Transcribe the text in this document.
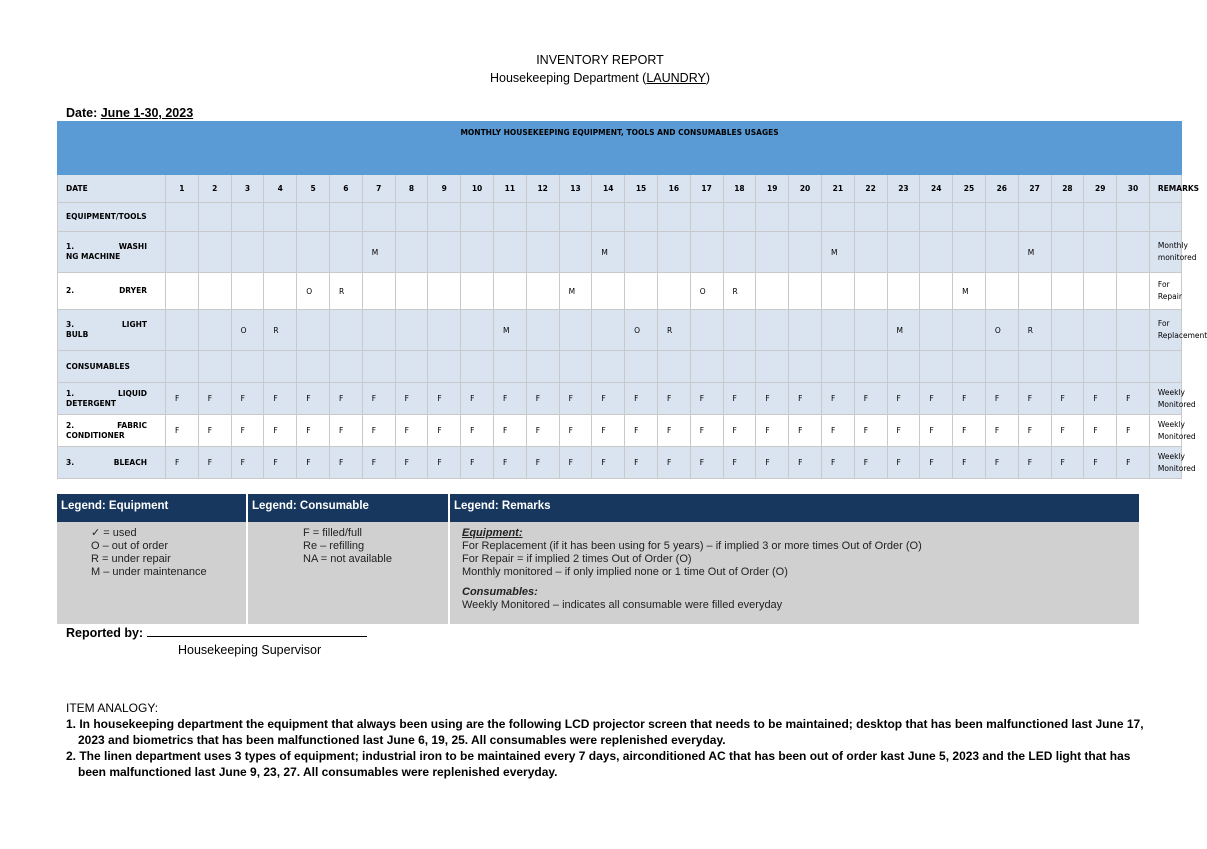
INVENTORY REPORT
Housekeeping Department (LAUNDRY)
Date: June 1-30, 2023
MONTHLY HOUSEKEEPING EQUIPMENT, TOOLS AND CONSUMABLES USAGES																															
DATE	1	2	3	4	5	6	7	8	9	10	11	12	13	14	15	16	17	18	19	20	21	22	23	24	25	26	27	28	29	30	REMARKS
EQUIPMENT/TOOLS																															

1. WASHI
NG MACHINE							M							M							M						M				Monthly monitored

2. DRYER					O	R							M				O	R							M						For Repair

3. LIGHT
BULB			O	R							M				O	R							M			O	R				For Replacement
CONSUMABLES																															

1. LIQUID
DETERGENT	F	F	F	F	F	F	F	F	F	F	F	F	F	F	F	F	F	F	F	F	F	F	F	F	F	F	F	F	F	F	Weekly Monitored

2. FABRIC
CONDITIONER	F	F	F	F	F	F	F	F	F	F	F	F	F	F	F	F	F	F	F	F	F	F	F	F	F	F	F	F	F	F	Weekly Monitored

3. BLEACH	F	F	F	F	F	F	F	F	F	F	F	F	F	F	F	F	F	F	F	F	F	F	F	F	F	F	F	F	F	F	Weekly Monitored
Legend: Equipment	Legend: Consumable	Legend: Remarks
✓ = used
O – out of order
R = under repair
M – under maintenance
F = filled/full
Re – refilling
NA = not available
Equipment:
For Replacement (if it has been using for 5 years) – if implied 3 or more times Out of Order (O)
For Repair = if implied 2 times Out of Order (O)
Monthly monitored – if only implied none or 1 time Out of Order (O)
Consumables:
Weekly Monitored – indicates all consumable were filled everyday
Reported by:
Housekeeping Supervisor
ITEM ANALOGY:
1. In housekeeping department the equipment that always been using are the following LCD projector screen that needs to be maintained; desktop that has been malfunctioned last June 17, 2023 and biometrics that has been malfunctioned last June 6, 19, 25. All consumables were replenished everyday.
2. The linen department uses 3 types of equipment; industrial iron to be maintained every 7 days, airconditioned AC that has been out of order kast June 5, 2023 and the LED light that has been malfunctioned last June 9, 23, 27. All consumables were replenished everyday.
